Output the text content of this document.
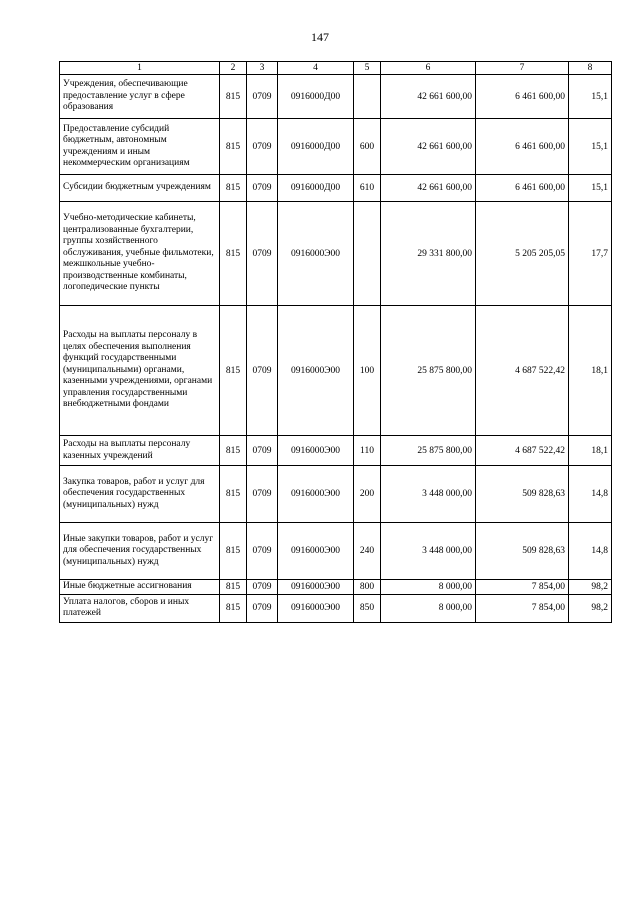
147
1	2	3	4	5	6	7	8
Учреждения, обеспечивающие предоставление услуг в сфере образования	815	0709	0916000Д00		42 661 600,00	6 461 600,00	15,1
Предоставление субсидий бюджетным, автономным учреждениям и иным некоммерческим организациям	815	0709	0916000Д00	600	42 661 600,00	6 461 600,00	15,1
Субсидии бюджетным учреждениям	815	0709	0916000Д00	610	42 661 600,00	6 461 600,00	15,1
Учебно-методические кабинеты, централизованные бухгалтерии, группы хозяйственного обслуживания, учебные фильмотеки, межшкольные учебно-производственные комбинаты, логопедические пункты	815	0709	0916000Э00		29 331 800,00	5 205 205,05	17,7
Расходы на выплаты персоналу в целях обеспечения выполнения функций государственными (муниципальными) органами, казенными учреждениями, органами управления государственными внебюджетными фондами	815	0709	0916000Э00	100	25 875 800,00	4 687 522,42	18,1
Расходы на выплаты персоналу казенных учреждений	815	0709	0916000Э00	110	25 875 800,00	4 687 522,42	18,1
Закупка товаров, работ и услуг для обеспечения государственных (муниципальных) нужд	815	0709	0916000Э00	200	3 448 000,00	509 828,63	14,8
Иные закупки товаров, работ и услуг для обеспечения государственных (муниципальных) нужд	815	0709	0916000Э00	240	3 448 000,00	509 828,63	14,8
Иные бюджетные ассигнования	815	0709	0916000Э00	800	8 000,00	7 854,00	98,2
Уплата налогов, сборов и иных платежей	815	0709	0916000Э00	850	8 000,00	7 854,00	98,2
